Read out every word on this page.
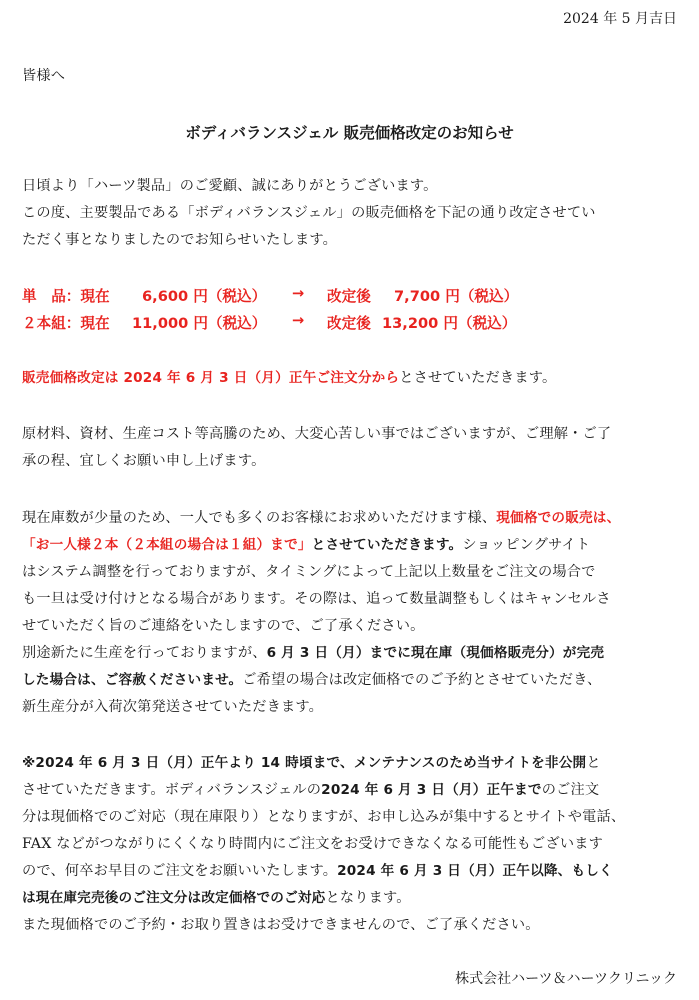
2024 年 5 月吉日
皆様へ
ボディバランスジェル 販売価格改定のお知らせ
日頃より「ハーツ製品」のご愛顧、誠にありがとうございます。
この度、主要製品である「ボディバランスジェル」の販売価格を下記の通り改定させてい
ただく事となりましたのでお知らせいたします。
単　品：現在 6,600 円（税込） → 改定後 7,700 円（税込）
２本組：現在 11,000 円（税込） → 改定後 13,200 円（税込）
販売価格改定は 2024 年 6 月 3 日（月）正午ご注文分からとさせていただきます。
原材料、資材、生産コスト等高騰のため、大変心苦しい事ではございますが、ご理解・ご了
承の程、宜しくお願い申し上げます。
現在庫数が少量のため、一人でも多くのお客様にお求めいただけます様、現価格での販売は、
「お一人様２本（２本組の場合は１組）まで」とさせていただきます。ショッピングサイト
はシステム調整を行っておりますが、タイミングによって上記以上数量をご注文の場合で
も一旦は受け付けとなる場合があります。その際は、追って数量調整もしくはキャンセルさ
せていただく旨のご連絡をいたしますので、ご了承ください。
別途新たに生産を行っておりますが、6 月 3 日（月）までに現在庫（現価格販売分）が完売
した場合は、ご容赦くださいませ。ご希望の場合は改定価格でのご予約とさせていただき、
新生産分が入荷次第発送させていただきます。
※2024 年 6 月 3 日（月）正午より 14 時頃まで、メンテナンスのため当サイトを非公開と
させていただきます。ボディバランスジェルの2024 年 6 月 3 日（月）正午までのご注文
分は現価格でのご対応（現在庫限り）となりますが、お申し込みが集中するとサイトや電話、
FAX などがつながりにくくなり時間内にご注文をお受けできなくなる可能性もございます
ので、何卒お早目のご注文をお願いいたします。2024 年 6 月 3 日（月）正午以降、もしく
は現在庫完売後のご注文分は改定価格でのご対応となります。
また現価格でのご予約・お取り置きはお受けできませんので、ご了承ください。
株式会社ハーツ＆ハーツクリニック
